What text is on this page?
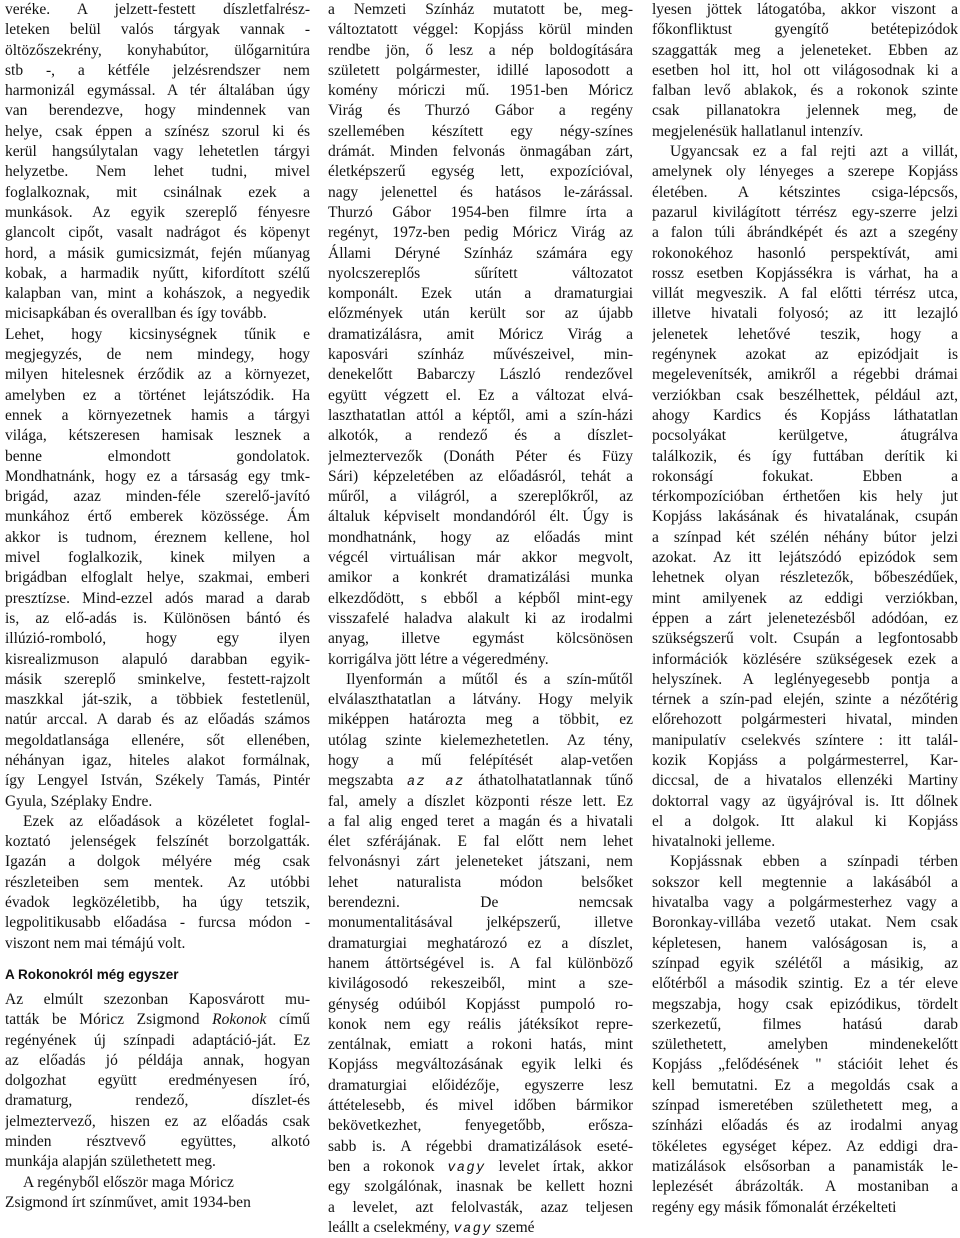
veréke. A jelzett-festett díszletfalrész-
leteken belül valós tárgyak vannak -
öltözőszekrény, konyhabútor, ülőgarnitúra
stb -, a kétféle jelzésrendszer nem
harmonizál egymással. A tér általában úgy
van berendezve, hogy mindennek van
helye, csak éppen a színész szorul ki és
kerül hangsúlytalan vagy lehetetlen tárgyi
helyzetbe. Nem lehet tudni, mivel
foglalkoznak, mit csinálnak ezek a
munkások. Az egyik szereplő fényesre
glancolt cipőt, vasalt nadrágot és köpenyt
hord, a másik gumicsizmát, fején műanyag
kobak, a harmadik nyűtt, kifordított szélű
kalapban van, mint a kohászok, a negyedik
micisapkában és overallban és így tovább.
Lehet, hogy kicsinységnek tűnik e
megjegyzés, de nem mindegy, hogy
milyen hitelesnek érződik az a környezet,
amelyben ez a történet lejátszódik. Ha
ennek a környezetnek hamis a tárgyi
világa, kétszeresen hamisak lesznek a
benne elmondott gondolatok.
Mondhatnánk, hogy ez a társaság egy tmk-
brigád, azaz minden-féle szerelő-javító
munkához értő emberek közössége. Ám
akkor is tudnom, éreznem kellene, hol
mivel foglalkozik, kinek milyen a
brigádban elfoglalt helye, szakmai, emberi
presztízse. Mind-ezzel adós marad a darab
is, az elő-adás is. Különösen bántó és
illúzió-romboló, hogy egy ilyen
kisrealizmuson alapuló darabban egyik-
másik szereplő sminkelve, festett-rajzolt
maszkkal ját-szik, a többiek festetlenül,
natúr arccal. A darab és az előadás számos
megoldatlansága ellenére, sőt ellenében,
néhányan igaz, hiteles alakot formálnak,
így Lengyel István, Székely Tamás, Pintér
Gyula, Széplaky Endre.
Ezek az előadások a közéletet foglal-
koztató jelenségek felszínét borzolgatták.
Igazán a dolgok mélyére még csak
részleteiben sem mentek. Az utóbbi
évadok legközéletibb, ha úgy tetszik,
legpolitikusabb előadása - furcsa módon -
viszont nem mai témájú volt.
A Rokonokról még egyszer
Az elmúlt szezonban Kaposvárott mu-
tatták be Móricz Zsigmond Rokonok című
regényének új színpadi adaptáció-ját. Ez
az előadás jó példája annak, hogyan
dolgozhat együtt eredményesen író,
dramaturg, rendező, díszlet-és
jelmeztervező, hiszen ez az előadás csak
minden résztvevő együttes, alkotó
munkája alapján születhetett meg.
A regényből először maga Móricz
Zsigmond írt színművet, amit 1934-ben
a Nemzeti Színház mutatott be, meg-
változtatott véggel: Kopjáss körül minden
rendbe jön, ő lesz a nép boldogítására
született polgármester, idillé laposodott a
komény móriczi mű. 1951-ben Móricz
Virág és Thurzó Gábor a regény
szellemében készített egy négy-színes
drámát. Minden felvonás önmagában zárt,
életképszerű egység lett, expozícióval,
nagy jelenettel és hatásos le-zárással.
Thurzó Gábor 1954-ben filmre írta a
regényt, 197z-ben pedig Móricz Virág az
Állami Déryné Színház számára egy
nyolcszereplős sűrített változatot
komponált. Ezek után a dramaturgiai
előzmények után került sor az újabb
dramatizálásra, amit Móricz Virág a
kaposvári színház művészeivel, min-
denekelőtt Babarczy László rendezővel
együtt végzett el. Ez a változat elvá-
laszthatatlan attól a képtől, ami a szín-házi
alkotók, a rendező és a díszlet-
jelmeztervezők (Donáth Péter és Füzy
Sári) képzeletében az előadásról, tehát a
műről, a világról, a szereplőkről, az
általuk képviselt mondandóról élt. Úgy is
mondhatnánk, hogy az előadás mint
végcél virtuálisan már akkor megvolt,
amikor a konkrét dramatizálási munka
elkezdődött, s ebből a képből mint-egy
visszafelé haladva alakult ki az irodalmi
anyag, illetve egymást kölcsönösen
korrigálva jött létre a végeredmény.
Ilyenformán a műtől és a szín-műtől
elválaszthatatlan a látvány. Hogy melyik
miképpen határozta meg a többit, ez
utólag szinte kielemezhetetlen. Az tény,
hogy a mű felépítését alap-vetően
megszabta az az áthatolhatatlannak tűnő
fal, amely a díszlet központi része lett. Ez
a fal alig enged teret a magán és a hivatali
élet szférájának. E fal előtt nem lehet
felvonásnyi zárt jeleneteket játszani, nem
lehet naturalista módon belsőket
berendezni. De nemcsak
monumentalitásával jelképszerű, illetve
dramaturgiai meghatározó ez a díszlet,
hanem áttörtségével is. A fal különböző
kivilágosodó rekeszeiből, mint a sze-
génység odúiból Kopjásst pumpoló ro-
konok nem egy reális játéksíkot repre-
zentálnak, emiatt a rokoni hatás, mint
Kopjáss megváltozásának egyik lelki és
dramaturgiai előidézője, egyszerre lesz
áttételesebb, és mivel időben bármikor
bekövetkezhet, fenyegetőbb, erősza-
sabb is. A régebbi dramatizálások eseté-
ben a rokonok vagy levelet írtak, akkor
egy szolgálónak, inasnak be kellett hozni
a levelet, azt felolvasták, azaz teljesen
leállt a cselekmény, vagy szemé
lyesen jöttek látogatóba, akkor viszont a
főkonfliktust gyengítő betétepizódok
szaggatták meg a jeleneteket. Ebben az
esetben hol itt, hol ott világosodnak ki a
falban levő ablakok, és a rokonok szinte
csak pillanatokra jelennek meg, de
megjelenésük hallatlanul intenzív.
Ugyancsak ez a fal rejti azt a villát,
amelynek oly lényeges a szerepe Kopjáss
életében. A kétszintes csiga-lépcsős,
pazarul kivilágított térrész egy-szerre jelzi
a falon túli ábrándképét és azt a szegény
rokonokéhoz hasonló perspektívát, ami
rossz esetben Kopjássékra is várhat, ha a
villát megveszik. A fal előtti térrész utca,
illetve hivatali folyosó; az itt lezajló
jelenetek lehetővé teszik, hogy a
regénynek azokat az epizódjait is
megelevenítsék, amikről a régebbi drámai
verziókban csak beszélhettek, például azt,
ahogy Kardics és Kopjáss láthatatlan
pocsolyákat kerülgetve, átugrálva
találkozik, és így futtában derítik ki
rokonságí fokukat. Ebben a
térkompozícióban érthetően kis hely jut
Kopjáss lakásának és hivatalának, csupán
a színpad két szélén néhány bútor jelzi
azokat. Az itt lejátszódó epizódok sem
lehetnek olyan részletezők, bőbeszédűek,
mint amilyenek az eddigi verziókban,
éppen a zárt jelenetezésből adódóan, ez
szükségszerű volt. Csupán a legfontosabb
információk közlésére szükségesek ezek a
helyszínek. A leglényegesebb pontja a
térnek a szín-pad elején, szinte a nézőtérig
előrehozott polgármesteri hivatal, minden
manipulatív cselekvés színtere : itt talál-
kozik Kopjáss a polgármesterrel, Kar-
diccsal, de a hivatalos ellenzéki Martiny
doktorral vagy az ügyájróval is. Itt dőlnek
el a dolgok. Itt alakul ki Kopjáss
hivatalnoki jelleme.
Kopjássnak ebben a színpadi térben
sokszor kell megtennie a lakásából a
hivatalba vagy a polgármesterhez vagy a
Boronkay-villába vezető utakat. Nem csak
képletesen, hanem valóságosan is, a
színpad egyik szélétől a másikig, az
előtérből a második szintig. Ez a tér eleve
megszabja, hogy csak epizódikus, tördelt
szerkezetű, filmes hatású darab
születhetett, amelyben mindenekelőtt
Kopjáss „felődésének " stációit lehet és
kell bemutatni. Ez a megoldás csak a
színpad ismeretében születhetett meg, a
színházi előadás és az irodalmi anyag
tökéletes egységet képez. Az eddigi dra-
matizálások elsősorban a panamisták le-
leplezését ábrázolták. A mostaniban a
regény egy másik főmonalát érzékelteti
